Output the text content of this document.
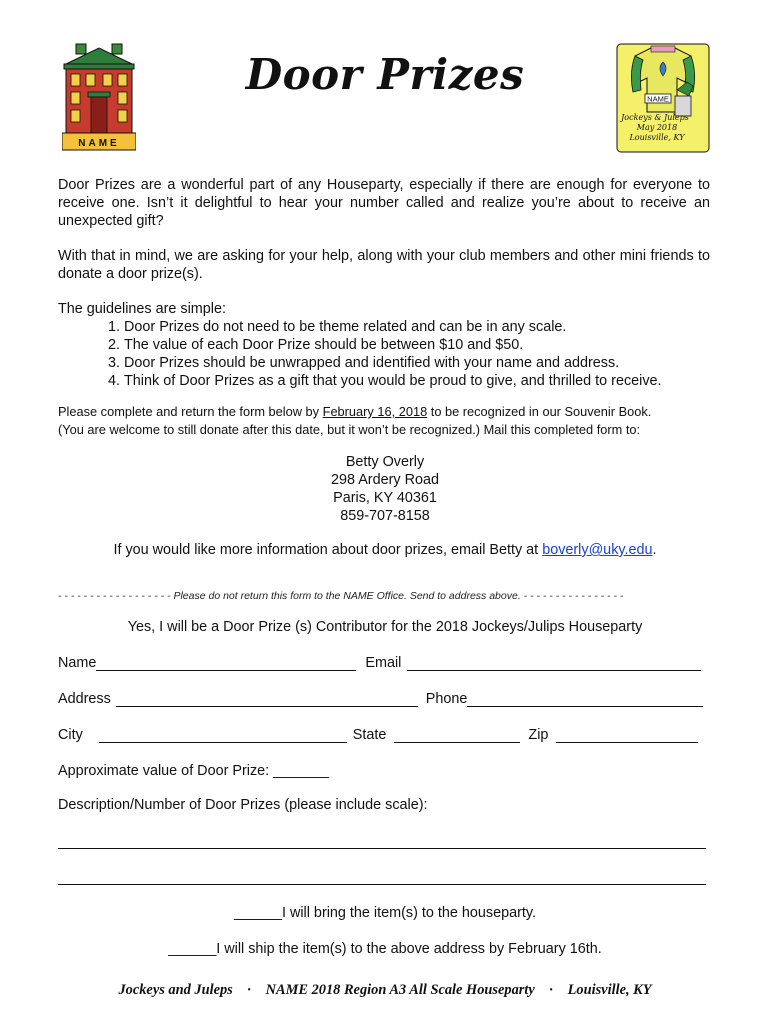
NAME
Door Prizes	NAME
Jockeys & Juleps
May 2018
Louisville, KY
Door Prizes are a wonderful part of any Houseparty, especially if there are enough for everyone to receive one. Isn’t it delightful to hear your number called and realize you’re about to receive an unexpected gift?
With that in mind, we are asking for your help, along with your club members and other mini friends to donate a door prize(s).
The guidelines are simple:
1. Door Prizes do not need to be theme related and can be in any scale.
2. The value of each Door Prize should be between $10 and $50.
3. Door Prizes should be unwrapped and identified with your name and address.
4. Think of Door Prizes as a gift that you would be proud to give, and thrilled to receive.
Please complete and return the form below by February 16, 2018 to be recognized in our Souvenir Book.
(You are welcome to still donate after this date, but it won’t be recognized.) Mail this completed form to:
Betty Overly
298 Ardery Road
Paris, KY 40361
859-707-8158
If you would like more information about door prizes, email Betty at boverly@uky.edu.
- - - - - - - - - - - - - - - - - - Please do not return this form to the NAME Office. Send to address above. - - - - - - - - - - - - - - - -
Yes, I will be a Door Prize (s) Contributor for the 2018 Jockeys/Julips Houseparty
Name	Email
Address	Phone
City	State	Zip
Approximate value of Door Prize: _______
Description/Number of Door Prizes (please include scale):
______I will bring the item(s) to the houseparty.
______I will ship the item(s) to the above address by February 16th.
Jockeys and Juleps · NAME 2018 Region A3 All Scale Houseparty · Louisville, KY
